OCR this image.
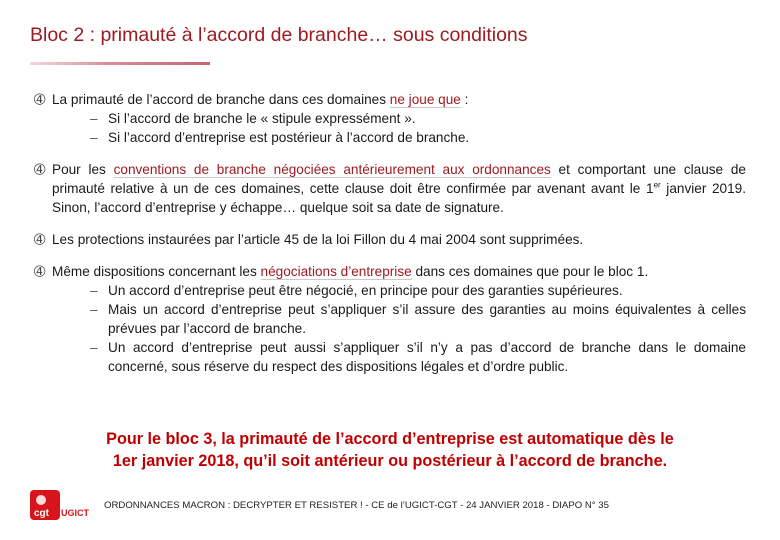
Bloc 2 : primauté à l’accord de branche… sous conditions
➃ La primauté de l’accord de branche dans ces domaines ne joue que :
– Si l’accord de branche le « stipule expressément ».
– Si l’accord d’entreprise est postérieur à l’accord de branche.
➃ Pour les conventions de branche négociées antérieurement aux ordonnances et comportant une clause de primauté relative à un de ces domaines, cette clause doit être confirmée par avenant avant le 1er janvier 2019. Sinon, l’accord d’entreprise y échappe… quelque soit sa date de signature.
➃ Les protections instaurées par l’article 45 de la loi Fillon du 4 mai 2004 sont supprimées.
➃ Même dispositions concernant les négociations d’entreprise dans ces domaines que pour le bloc 1.
– Un accord d’entreprise peut être négocié, en principe pour des garanties supérieures.
– Mais un accord d’entreprise peut s’appliquer s’il assure des garanties au moins équivalentes à celles prévues par l’accord de branche.
– Un accord d’entreprise peut aussi s’appliquer s’il n’y a pas d’accord de branche dans le domaine concerné, sous réserve du respect des dispositions légales et d’ordre public.
Pour le bloc 3, la primauté de l’accord d’entreprise est automatique dès le
1er janvier 2018, qu’il soit antérieur ou postérieur à l’accord de branche.
cgt UGICT
ORDONNANCES MACRON : DECRYPTER ET RESISTER ! - CE de l’UGICT-CGT - 24 JANVIER 2018 - DIAPO N° 35
